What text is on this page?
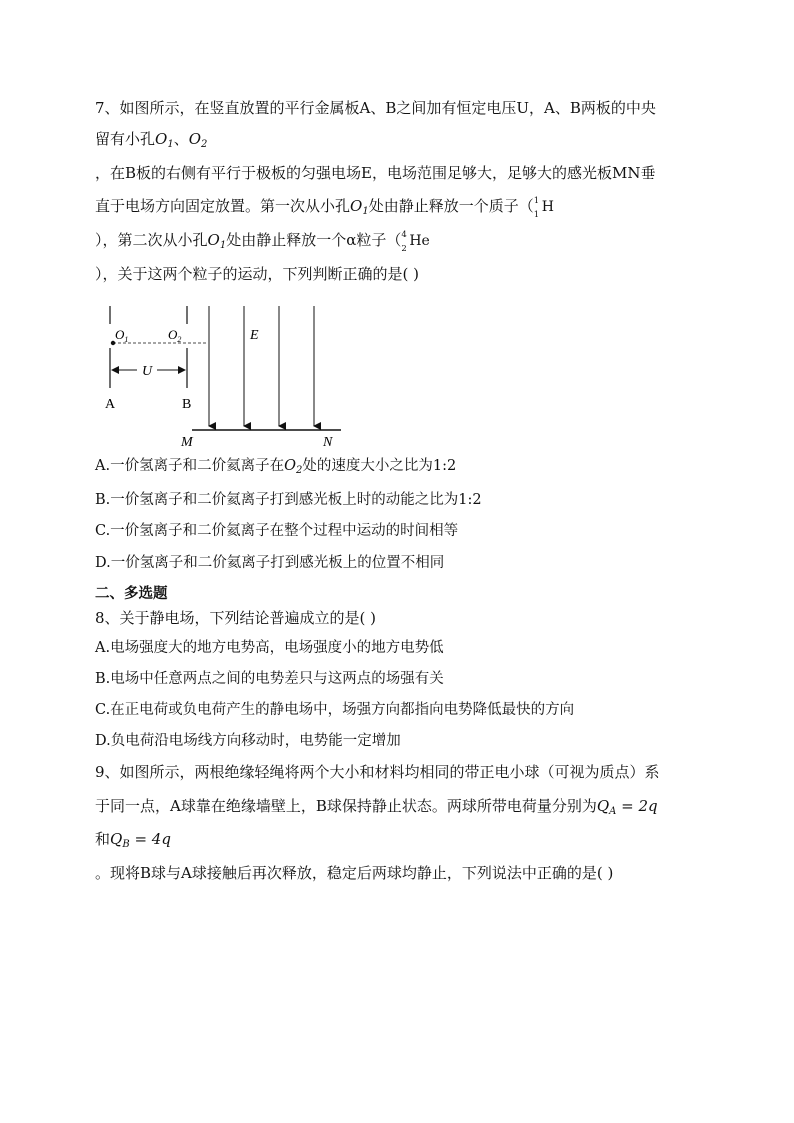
7、如图所示，在竖直放置的平行金属板A、B之间加有恒定电压U，A、B两板的中央
留有小孔$O_1$、$O_2$
，在B板的右侧有平行于极板的匀强电场E，电场范围足够大，足够大的感光板MN垂
直于电场方向固定放置。第一次从小孔$O_1$处由静止释放一个质子（ 1
1 H
），第二次从小孔$O_1$处由静止释放一个α粒子（ 4
2 He
），关于这两个粒子的运动，下列判断正确的是( )
$O_1$	$O_2$	E
U
A	B
M	N
A.一价氢离子和二价氦离子在$O_2$处的速度大小之比为1:2
B.一价氢离子和二价氦离子打到感光板上时的动能之比为1:2
C.一价氢离子和二价氦离子在整个过程中运动的时间相等
D.一价氢离子和二价氦离子打到感光板上的位置不相同
二、多选题
8、关于静电场，下列结论普遍成立的是( )
A.电场强度大的地方电势高，电场强度小的地方电势低
B.电场中任意两点之间的电势差只与这两点的场强有关
C.在正电荷或负电荷产生的静电场中，场强方向都指向电势降低最快的方向
D.负电荷沿电场线方向移动时，电势能一定增加
9、如图所示，两根绝缘轻绳将两个大小和材料均相同的带正电小球（可视为质点）系
于同一点，A球靠在绝缘墙壁上，B球保持静止状态。两球所带电荷量分别为$Q_A = 2q$
和$Q_B = 4q$
。现将B球与A球接触后再次释放，稳定后两球均静止，下列说法中正确的是( )
